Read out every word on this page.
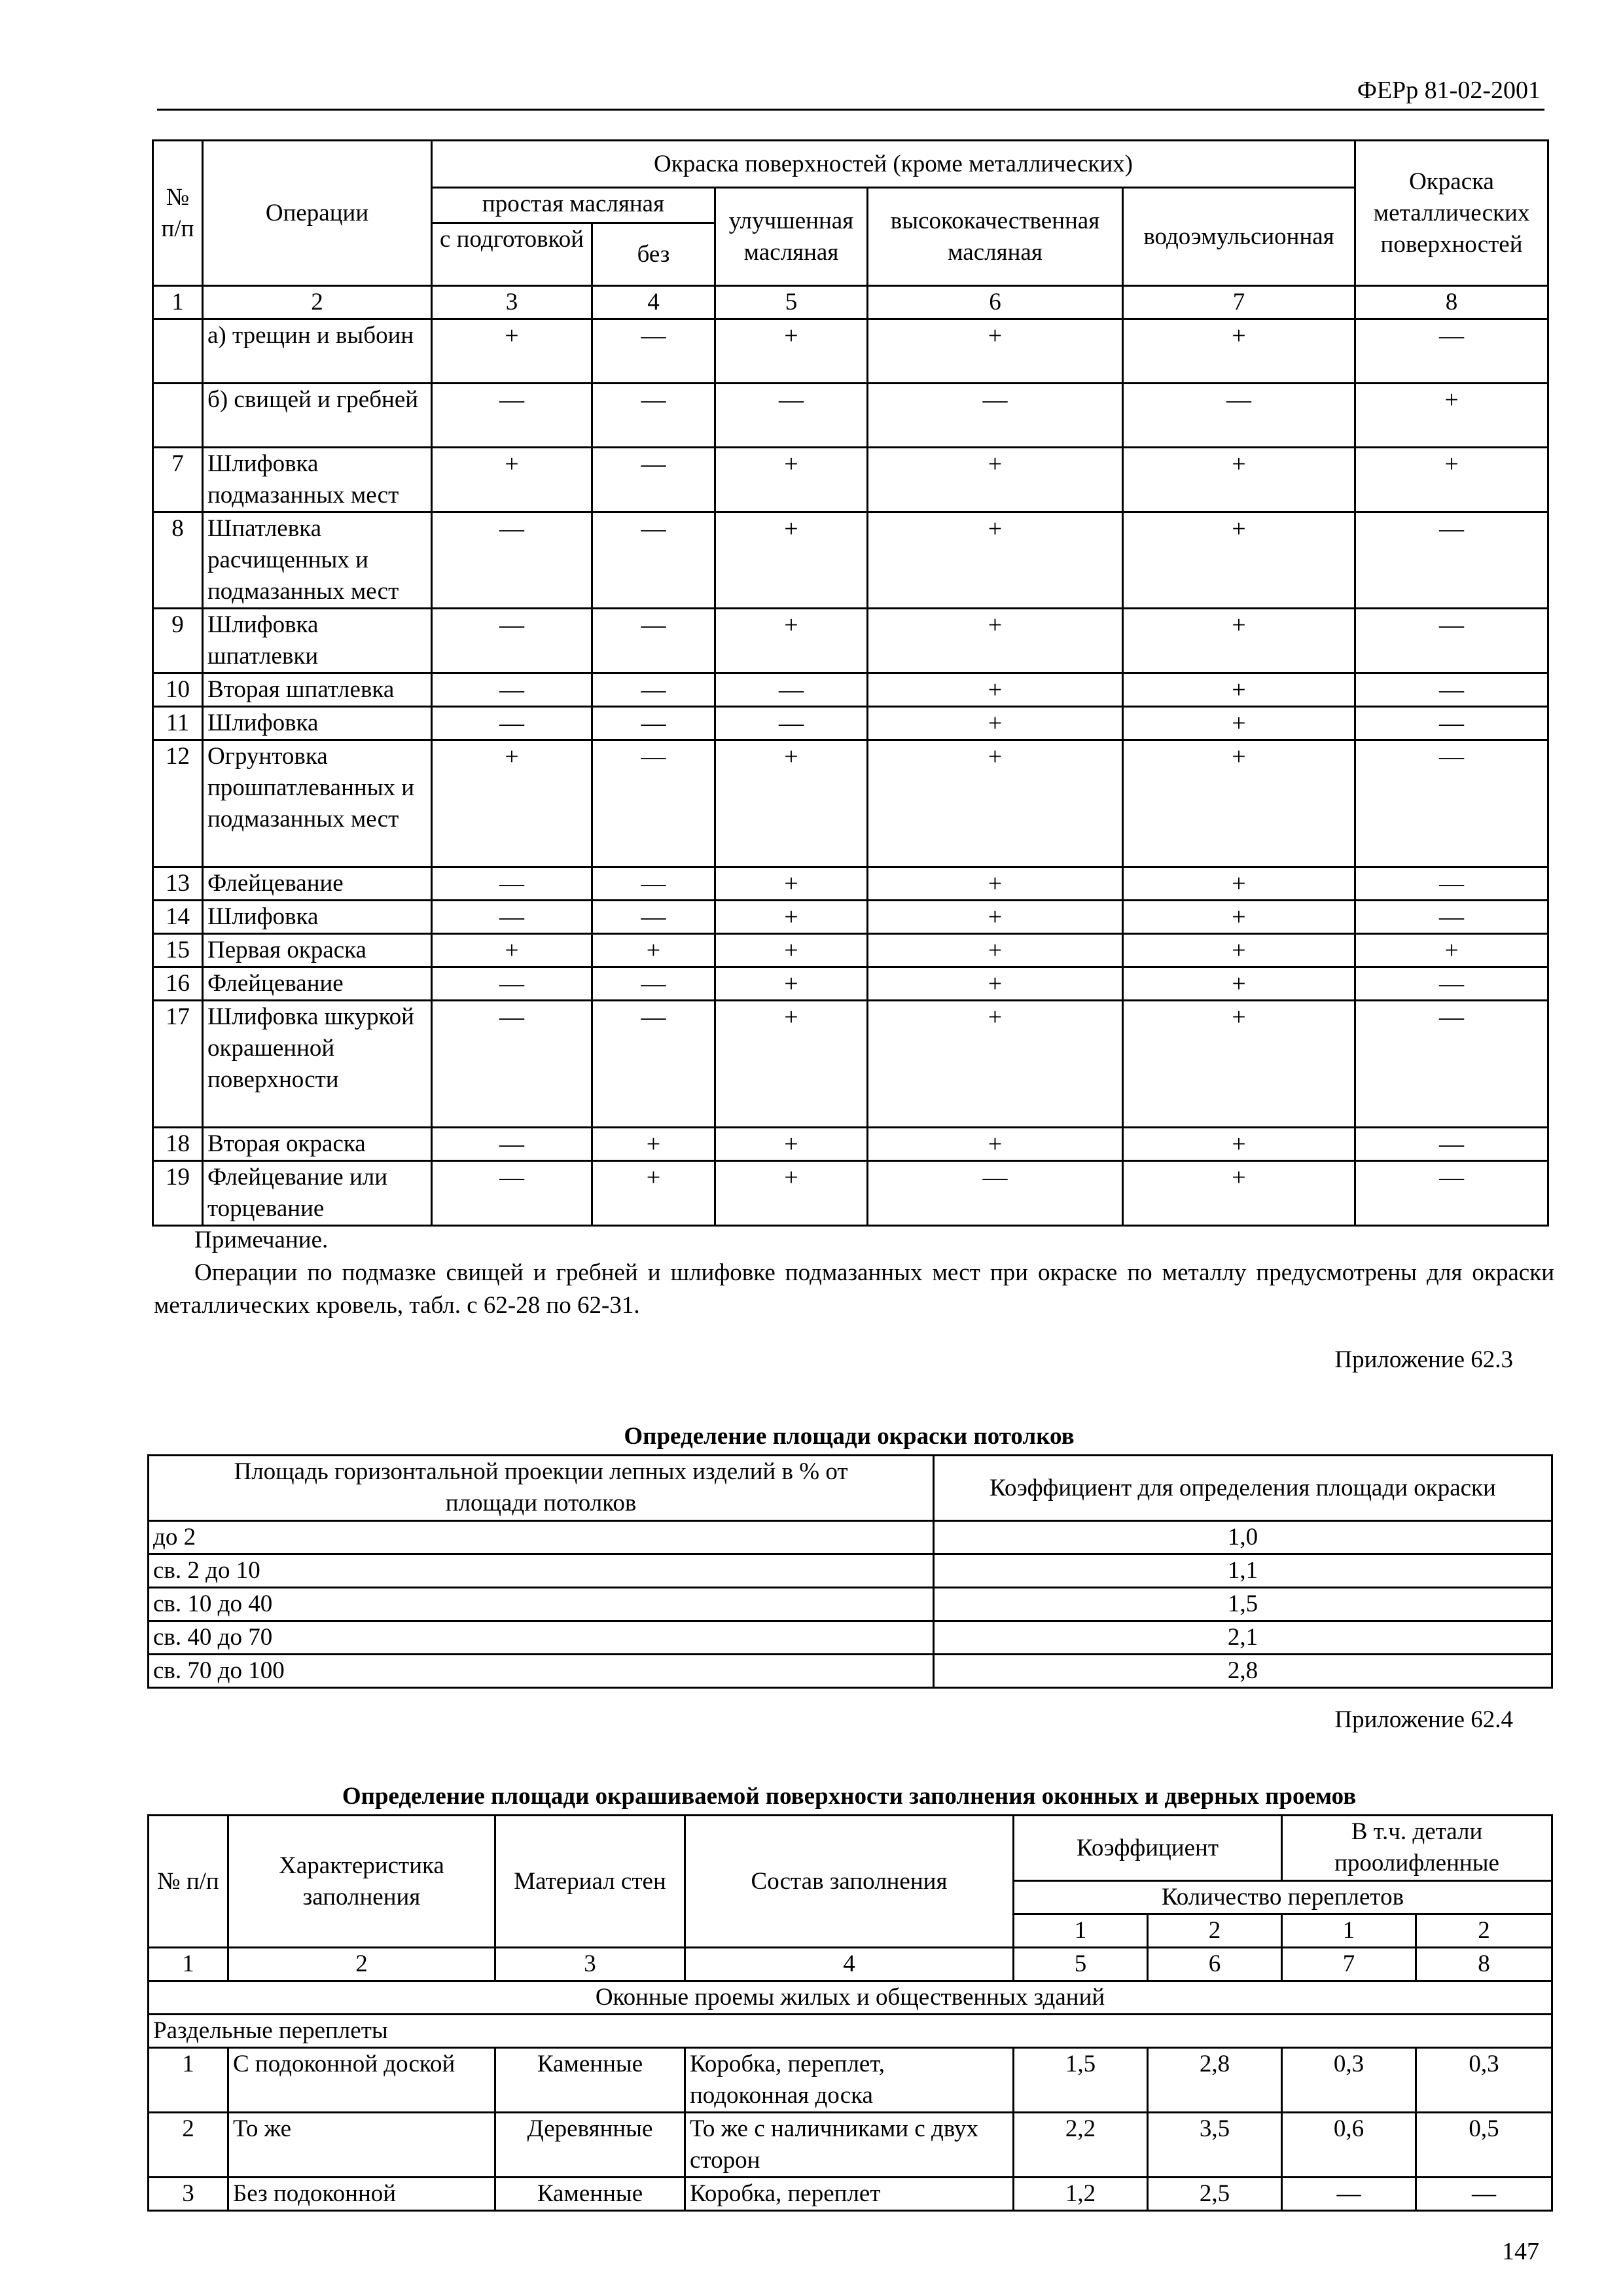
ФЕРр 81-02-2001
№ п/п	Операции	Окраска поверхностей (кроме металлических)					Окраска металлических поверхностей
		простая масляная		улучшенная масляная	высококачественная масляная	водоэмульсионная	
		с подготовкой	без				
1	2	3	4	5	6	7	8
	а) трещин и выбоин	+	—	+	+	+	—
	б) свищей и гребней	—	—	—	—	—	+
7	Шлифовка подмазанных мест	+	—	+	+	+	+
8	Шпатлевка расчищенных и подмазанных мест	—	—	+	+	+	—
9	Шлифовка шпатлевки	—	—	+	+	+	—
10	Вторая шпатлевка	—	—	—	+	+	—
11	Шлифовка	—	—	—	+	+	—
12	Огрунтовка прошпатлеванных и подмазанных мест	+	—	+	+	+	—
13	Флейцевание	—	—	+	+	+	—
14	Шлифовка	—	—	+	+	+	—
15	Первая окраска	+	+	+	+	+	+
16	Флейцевание	—	—	+	+	+	—
17	Шлифовка шкуркой окрашенной поверхности	—	—	+	+	+	—
18	Вторая окраска	—	+	+	+	+	—
19	Флейцевание или торцевание	—	+	+	—	+	—
Примечание.
Операции по подмазке свищей и гребней и шлифовке подмазанных мест при окраске по металлу предусмотрены для окраски металлических кровель, табл. с 62-28 по 62-31.
Приложение 62.3
Определение площади окраски потолков
Площадь горизонтальной проекции лепных изделий в % от площади потолков	Коэффициент для определения площади окраски
до 2	1,0
св. 2 до 10	1,1
св. 10 до 40	1,5
св. 40 до 70	2,1
св. 70 до 100	2,8
Приложение 62.4
Определение площади окрашиваемой поверхности заполнения оконных и дверных проемов
№ п/п	Характеристика заполнения	Материал стен	Состав заполнения	Коэффициент		В т.ч. детали проолифленные	
				Количество переплетов			
				1	2	1	2
1	2	3	4	5	6	7	8
Оконные проемы жилых и общественных зданий							
Раздельные переплеты							
1	С подоконной доской	Каменные	Коробка, переплет, подоконная доска	1,5	2,8	0,3	0,3
2	То же	Деревянные	То же с наличниками с двух сторон	2,2	3,5	0,6	0,5
3	Без подоконной	Каменные	Коробка, переплет	1,2	2,5	—	—
147
